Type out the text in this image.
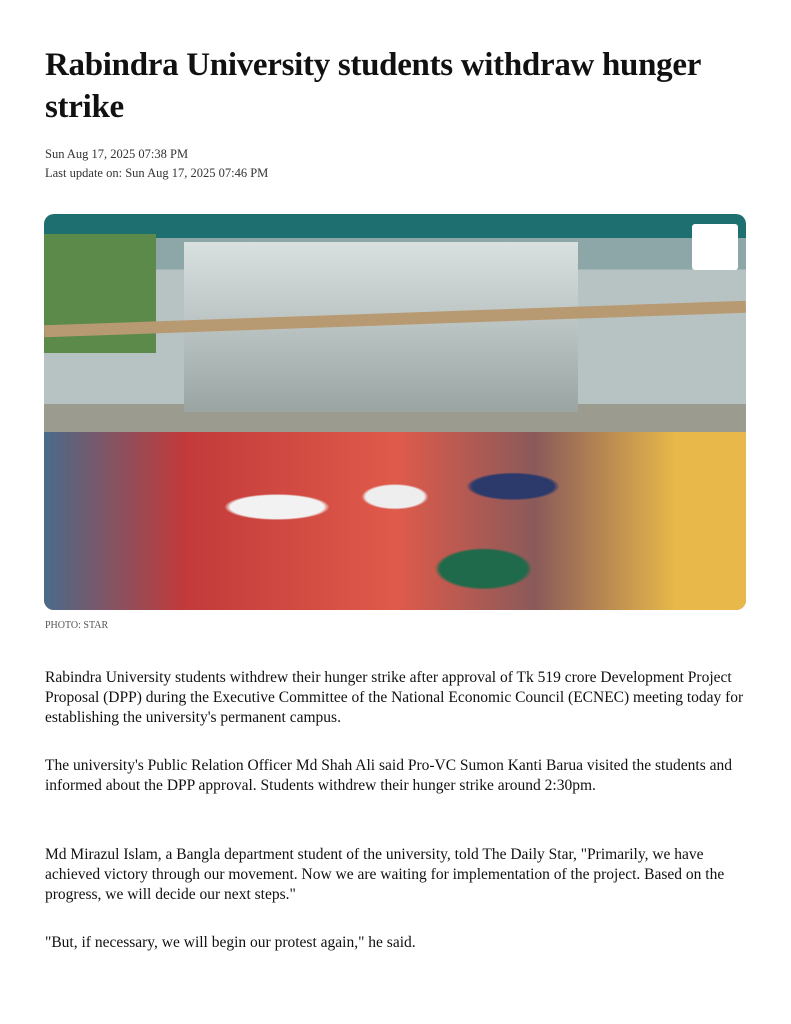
Rabindra University students withdraw hunger strike
Sun Aug 17, 2025 07:38 PM
Last update on: Sun Aug 17, 2025 07:46 PM
PHOTO: STAR

Rabindra University students withdrew their hunger strike after approval of Tk 519 crore Development Project Proposal (DPP) during the Executive Committee of the National Economic Council (ECNEC) meeting today for establishing the university's permanent campus.

The university's Public Relation Officer Md Shah Ali said Pro-VC Sumon Kanti Barua visited the students and informed about the DPP approval. Students withdrew their hunger strike around 2:30pm.

Md Mirazul Islam, a Bangla department student of the university, told The Daily Star, "Primarily, we have achieved victory through our movement. Now we are waiting for implementation of the project. Based on the progress, we will decide our next steps."

"But, if necessary, we will begin our protest again," he said.
